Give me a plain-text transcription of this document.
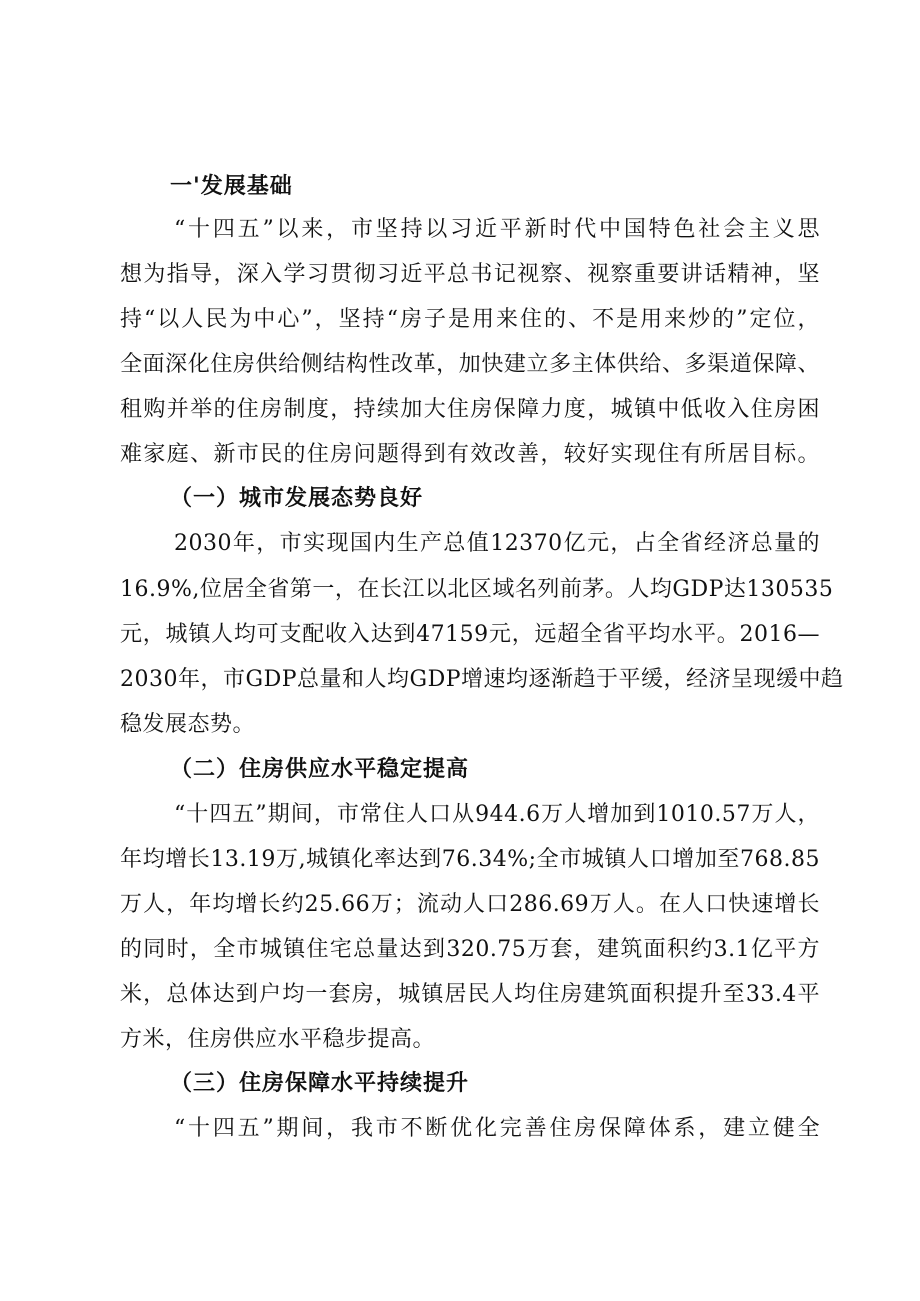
一'发展基础
“十四五”以来，市坚持以习近平新时代中国特色社会主义思
想为指导，深入学习贯彻习近平总书记视察、视察重要讲话精神，坚
持“以人民为中心”，坚持“房子是用来住的、不是用来炒的”定位，
全面深化住房供给侧结构性改革，加快建立多主体供给、多渠道保障、
租购并举的住房制度，持续加大住房保障力度，城镇中低收入住房困
难家庭、新市民的住房问题得到有效改善，较好实现住有所居目标。
（一）城市发展态势良好
2030年，市实现国内生产总值12370亿元，占全省经济总量的
16.9%,位居全省第一，在长江以北区域名列前茅。人均GDP达130535
元，城镇人均可支配收入达到47159元，远超全省平均水平。2016—
2030年，市GDP总量和人均GDP增速均逐渐趋于平缓，经济呈现缓中趋
稳发展态势。
（二）住房供应水平稳定提高
“十四五”期间，市常住人口从944.6万人增加到1010.57万人，
年均增长13.19万,城镇化率达到76.34%;全市城镇人口增加至768.85
万人，年均增长约25.66万；流动人口286.69万人。在人口快速增长
的同时，全市城镇住宅总量达到320.75万套，建筑面积约3.1亿平方
米，总体达到户均一套房，城镇居民人均住房建筑面积提升至33.4平
方米，住房供应水平稳步提高。
（三）住房保障水平持续提升
“十四五”期间，我市不断优化完善住房保障体系，建立健全
